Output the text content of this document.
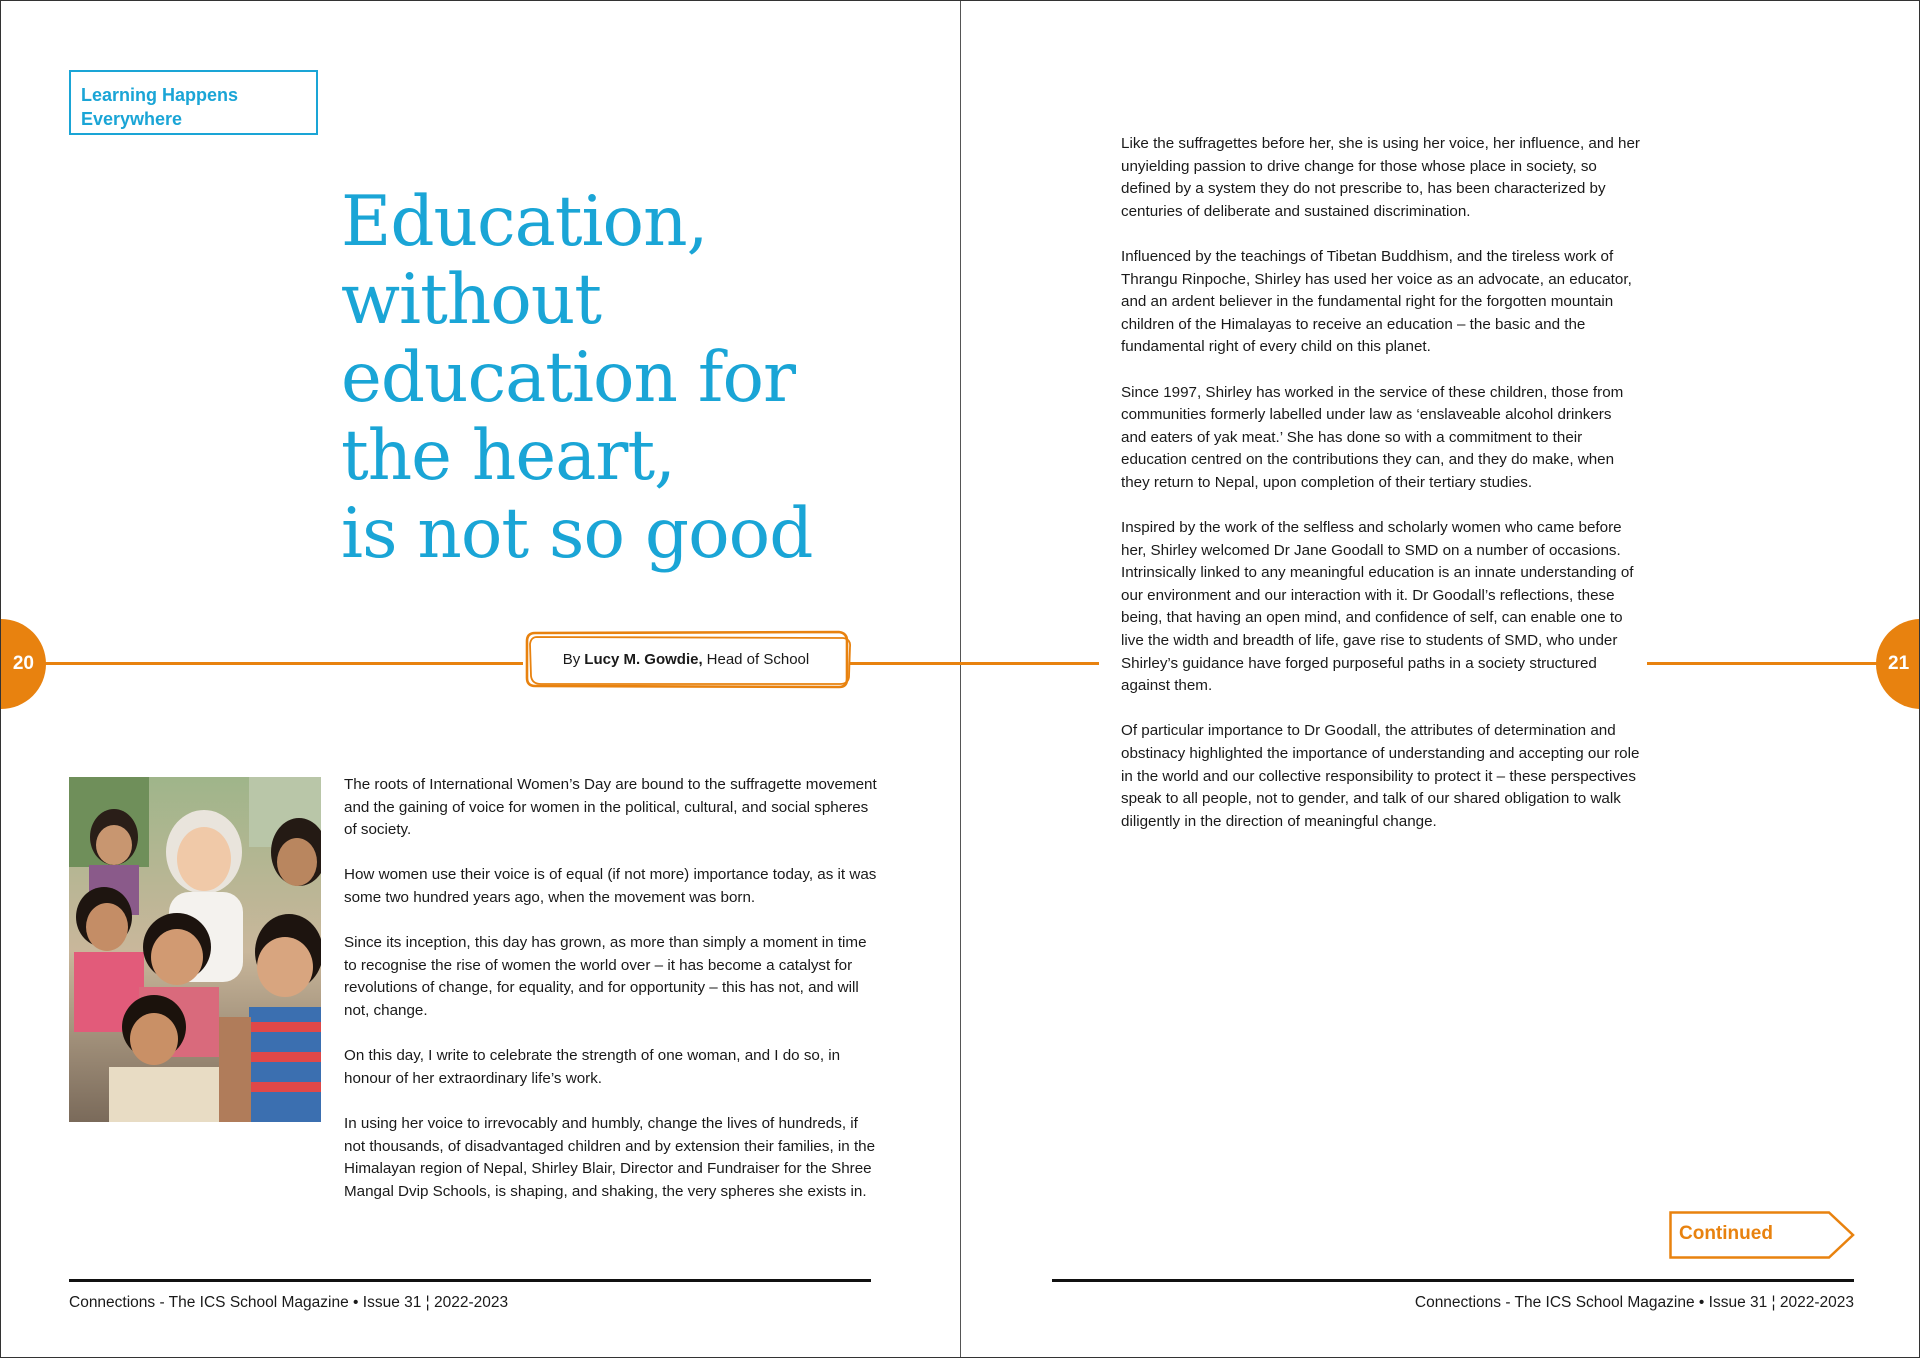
Learning Happens
Everywhere
Education,
without
education for
the heart,
is not so good
20	By Lucy M. Gowdie, Head of School

The roots of International Women’s Day are bound to the suffragette movement and the gaining of voice for women in the political, cultural, and social spheres of society.

How women use their voice is of equal (if not more) importance today, as it was some two hundred years ago, when the movement was born.

Since its inception, this day has grown, as more than simply a moment in time to recognise the rise of women the world over – it has become a catalyst for revolutions of change, for equality, and for opportunity – this has not, and will not, change.

On this day, I write to celebrate the strength of one woman, and I do so, in honour of her extraordinary life’s work.

In using her voice to irrevocably and humbly, change the lives of hundreds, if not thousands, of disadvantaged children and by extension their families, in the Himalayan region of Nepal, Shirley Blair, Director and Fundraiser for the Shree Mangal Dvip Schools, is shaping, and shaking, the very spheres she exists in.

Connections - The ICS School Magazine • Issue 31 ¦ 2022-2023

Like the suffragettes before her, she is using her voice, her influence, and her unyielding passion to drive change for those whose place in society, so defined by a system they do not prescribe to, has been characterized by centuries of deliberate and sustained discrimination.

Influenced by the teachings of Tibetan Buddhism, and the tireless work of Thrangu Rinpoche, Shirley has used her voice as an advocate, an educator, and an ardent believer in the fundamental right for the forgotten mountain children of the Himalayas to receive an education – the basic and the fundamental right of every child on this planet.

Since 1997, Shirley has worked in the service of these children, those from communities formerly labelled under law as ‘enslaveable alcohol drinkers and eaters of yak meat.’ She has done so with a commitment to their education centred on the contributions they can, and they do make, when they return to Nepal, upon completion of their tertiary studies.

Inspired by the work of the selfless and scholarly women who came before her, Shirley welcomed Dr Jane Goodall to SMD on a number of occasions. Intrinsically linked to any meaningful education is an innate understanding of our environment and our interaction with it. Dr Goodall’s reflections, these being, that having an open mind, and confidence of self, can enable one to live the width and breadth of life, gave rise to students of SMD, who under Shirley’s guidance have forged purposeful paths in a society structured against them.

Of particular importance to Dr Goodall, the attributes of determination and obstinacy highlighted the importance of understanding and accepting our role in the world and our collective responsibility to protect it – these perspectives speak to all people, not to gender, and talk of our shared obligation to walk diligently in the direction of meaningful change.

21
Continued
Connections - The ICS School Magazine • Issue 31 ¦ 2022-2023
